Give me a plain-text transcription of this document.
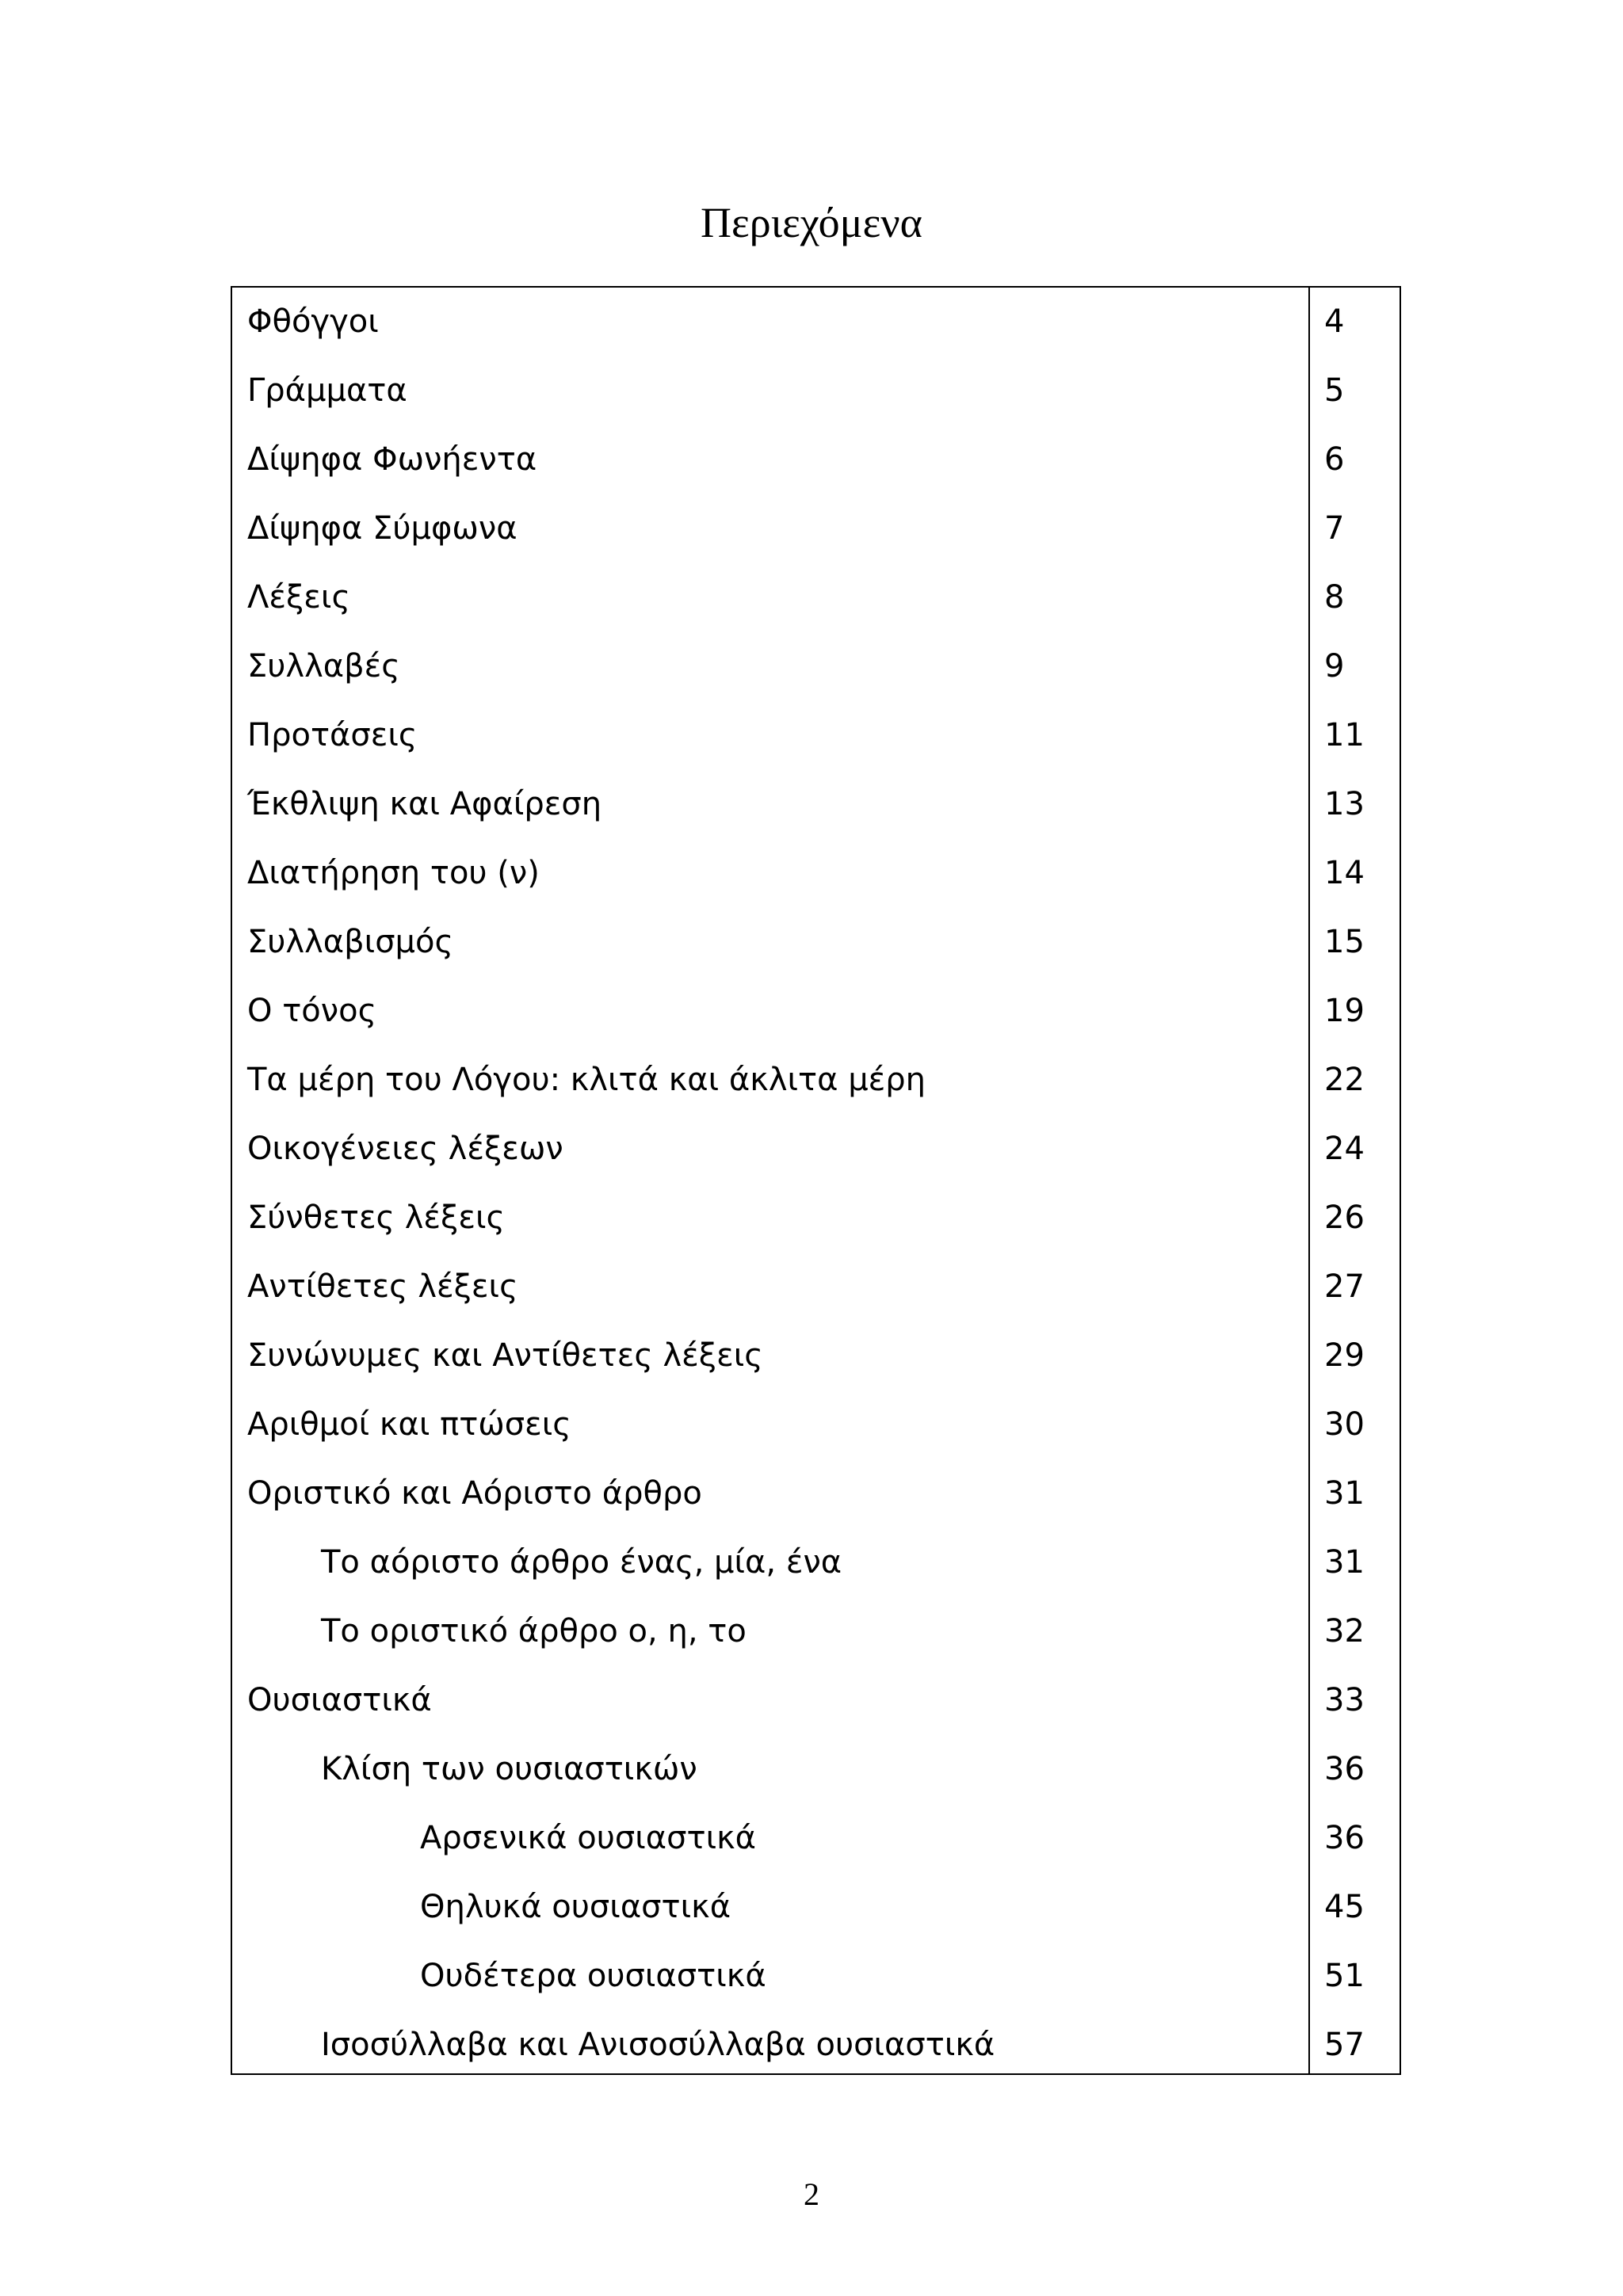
Περιεχόμενα
Φθόγγοι	4
Γράμματα	5
Δίψηφα Φωνήεντα	6
Δίψηφα Σύμφωνα	7
Λέξεις	8
Συλλαβές	9
Προτάσεις	11
Έκθλιψη και Αφαίρεση	13
Διατήρηση του (ν)	14
Συλλαβισμός	15
Ο τόνος	19
Τα μέρη του Λόγου: κλιτά και άκλιτα μέρη	22
Οικογένειες λέξεων	24
Σύνθετες λέξεις	26
Αντίθετες λέξεις	27
Συνώνυμες και Αντίθετες λέξεις	29
Αριθμοί και πτώσεις	30
Οριστικό και Αόριστο άρθρο	31
Το αόριστο άρθρο ένας, μία, ένα	31
Το οριστικό άρθρο ο, η, το	32
Ουσιαστικά	33
Κλίση των ουσιαστικών	36
Αρσενικά ουσιαστικά	36
Θηλυκά ουσιαστικά	45
Ουδέτερα ουσιαστικά	51
Ισοσύλλαβα και Ανισοσύλλαβα ουσιαστικά	57
2
